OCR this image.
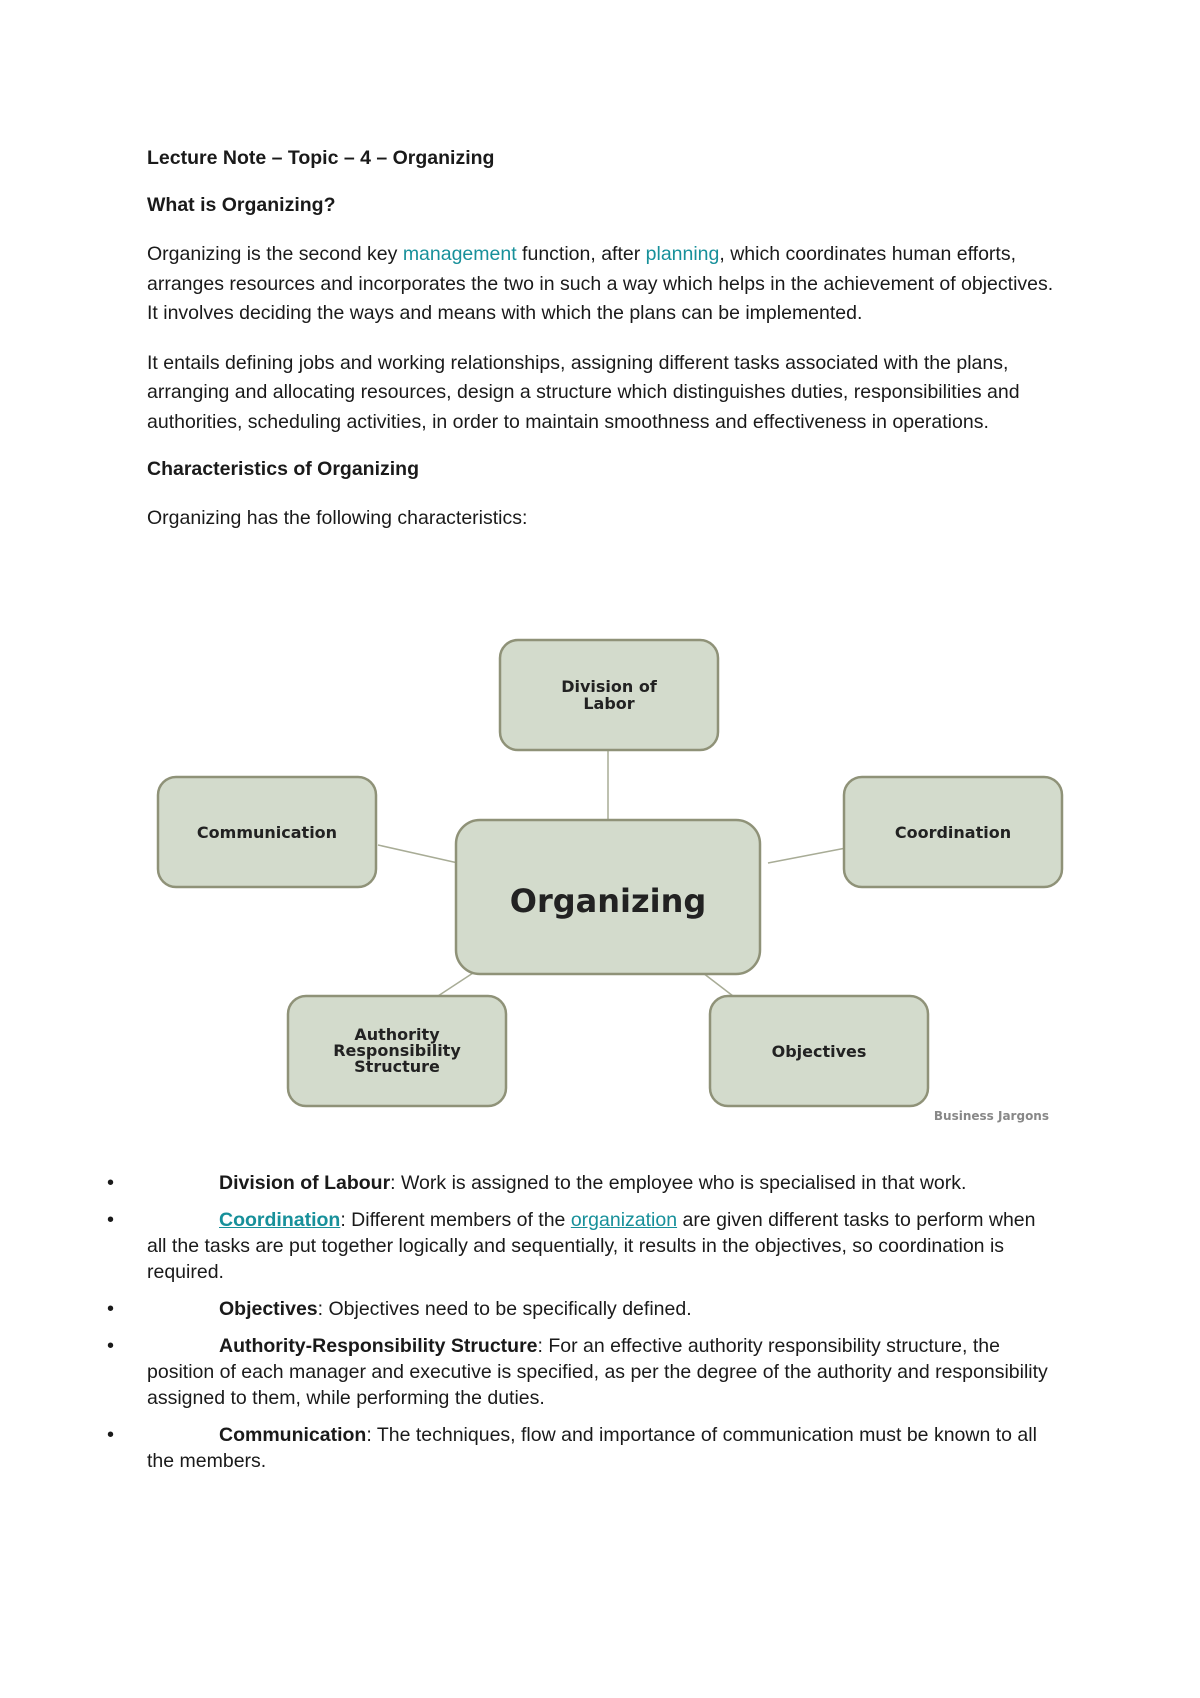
Lecture Note – Topic – 4 – Organizing

What is Organizing?

Organizing is the second key management function, after planning, which coordinates human efforts, arranges resources and incorporates the two in such a way which helps in the achievement of objectives. It involves deciding the ways and means with which the plans can be implemented.

It entails defining jobs and working relationships, assigning different tasks associated with the plans, arranging and allocating resources, design a structure which distinguishes duties, responsibilities and authorities, scheduling activities, in order to maintain smoothness and effectiveness in operations.

Characteristics of Organizing

Organizing has the following characteristics:

Division of
Labor
Communication	Coordination
Organizing
Authority
Responsibility
Structure
Objectives
Business Jargons
•	Division of Labour: Work is assigned to the employee who is specialised in that work.
•	Coordination: Different members of the organization are given different tasks to perform when all the tasks are put together logically and sequentially, it results in the objectives, so coordination is required.
•	Objectives: Objectives need to be specifically defined.
•	Authority-Responsibility Structure: For an effective authority responsibility structure, the position of each manager and executive is specified, as per the degree of the authority and responsibility assigned to them, while performing the duties.
•	Communication: The techniques, flow and importance of communication must be known to all the members.
